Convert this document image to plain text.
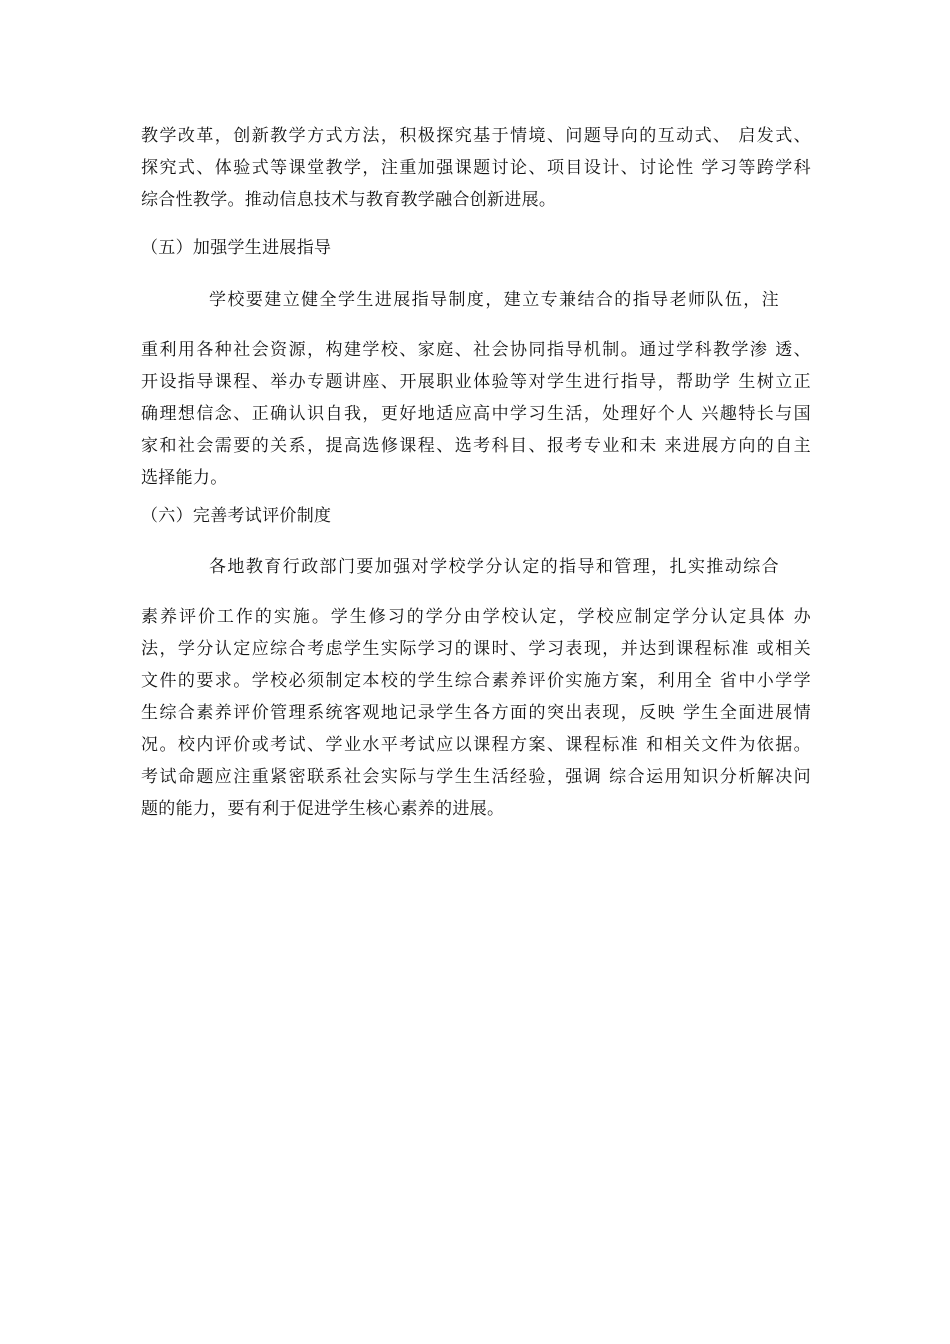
教学改革，创新教学方式方法，积极探究基于情境、问题导向的互动式、 启发式、
探究式、体验式等课堂教学，注重加强课题讨论、项目设计、讨论性 学习等跨学科
综合性教学。推动信息技术与教育教学融合创新进展。
（五）加强学生进展指导
学校要建立健全学生进展指导制度，建立专兼结合的指导老师队伍，注
重利用各种社会资源，构建学校、家庭、社会协同指导机制。通过学科教学渗 透、
开设指导课程、举办专题讲座、开展职业体验等对学生进行指导，帮助学 生树立正
确理想信念、正确认识自我，更好地适应高中学习生活，处理好个人 兴趣特长与国
家和社会需要的关系，提高选修课程、选考科目、报考专业和未 来进展方向的自主
选择能力。
（六）完善考试评价制度
各地教育行政部门要加强对学校学分认定的指导和管理，扎实推动综合
素养评价工作的实施。学生修习的学分由学校认定，学校应制定学分认定具体 办
法，学分认定应综合考虑学生实际学习的课时、学习表现，并达到课程标准 或相关
文件的要求。学校必须制定本校的学生综合素养评价实施方案，利用全 省中小学学
生综合素养评价管理系统客观地记录学生各方面的突出表现，反映 学生全面进展情
况。校内评价或考试、学业水平考试应以课程方案、课程标准 和相关文件为依据。
考试命题应注重紧密联系社会实际与学生生活经验，强调 综合运用知识分析解决问
题的能力，要有利于促进学生核心素养的进展。
